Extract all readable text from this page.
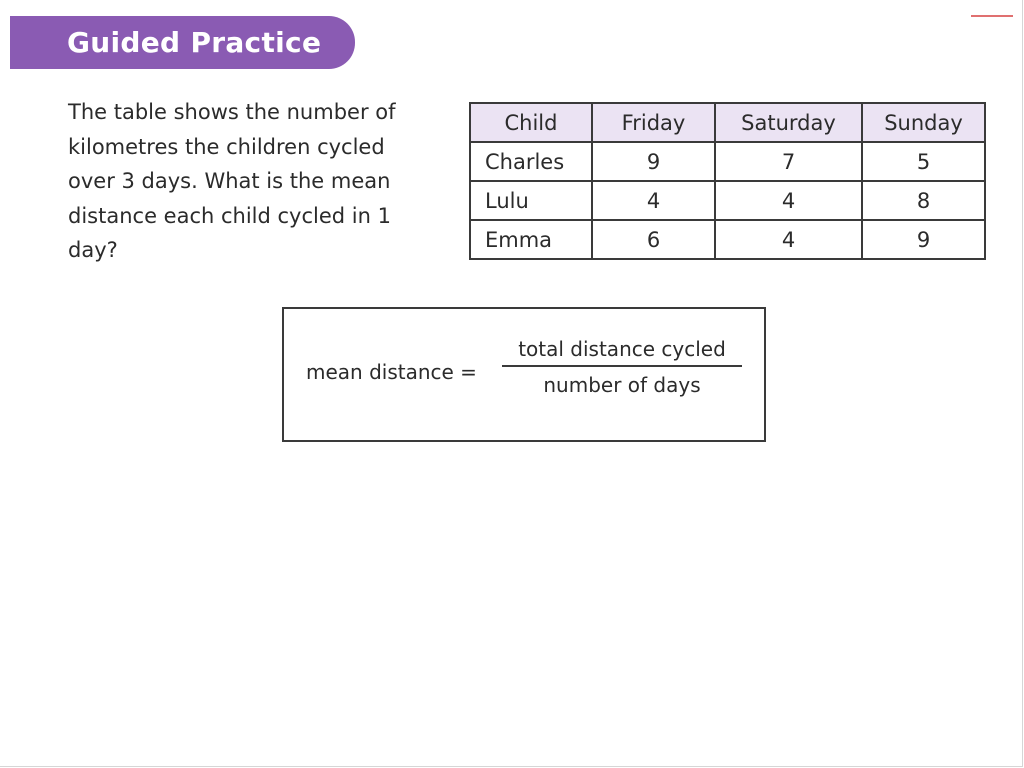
Guided Practice

The table shows the number of kilometres the children cycled over 3 days. What is the mean distance each child cycled in 1 day?

Child	Friday	Saturday	Sunday
Charles	9	7	5
Lulu	4	4	8
Emma	6	4	9
mean distance =
total distance cycled
number of days
